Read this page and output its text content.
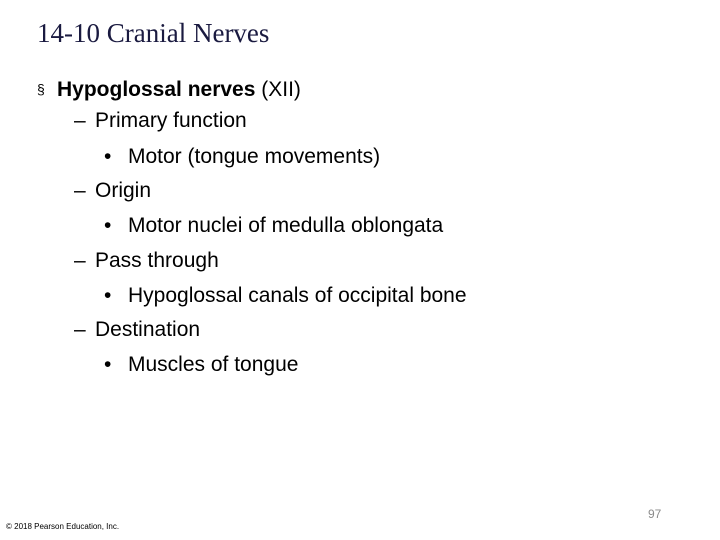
14-10 Cranial Nerves
§ Hypoglossal nerves (XII)
– Primary function
• Motor (tongue movements)
– Origin
• Motor nuclei of medulla oblongata
– Pass through
• Hypoglossal canals of occipital bone
– Destination
• Muscles of tongue
97
© 2018 Pearson Education, Inc.
